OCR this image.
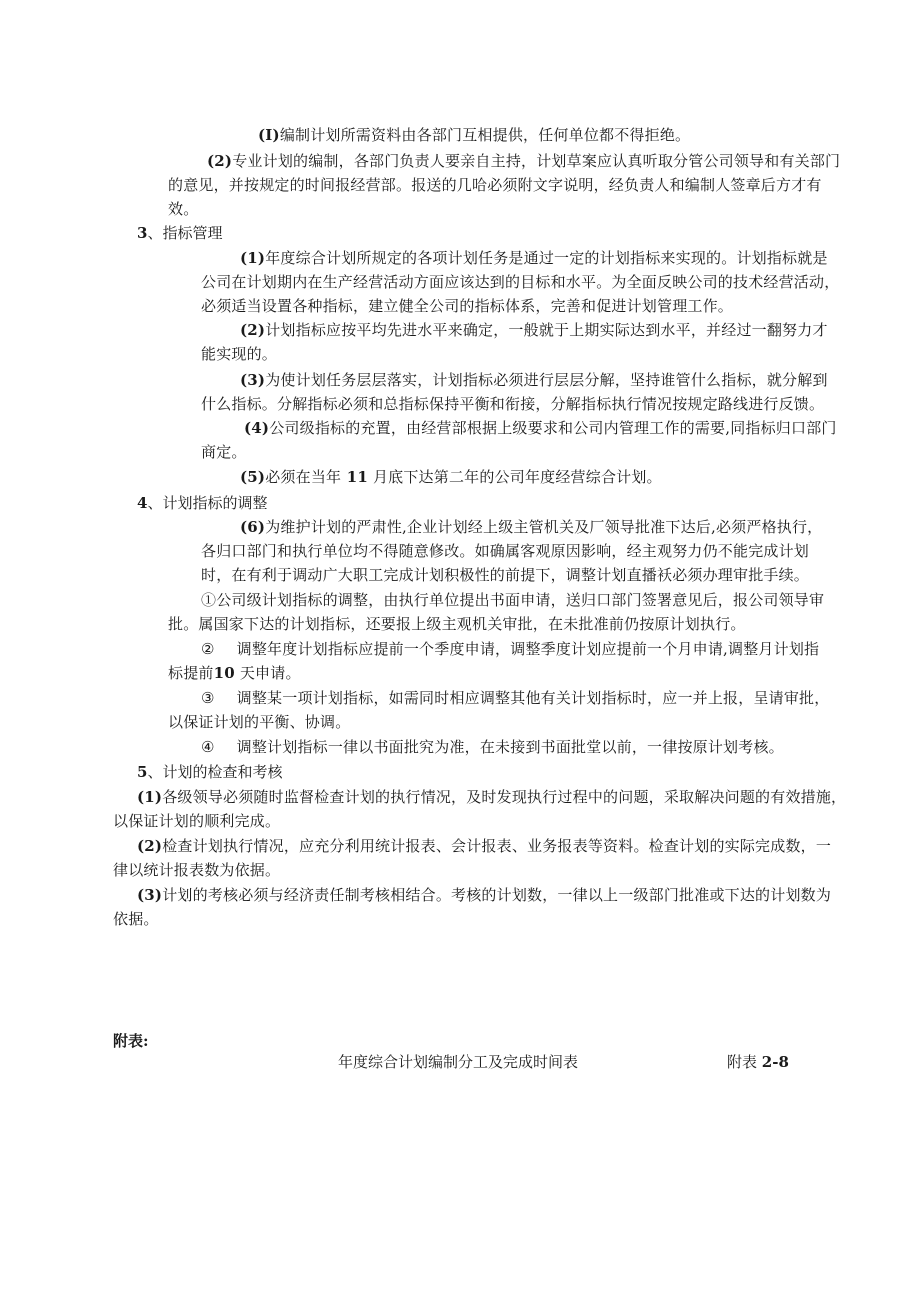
(I)编制计划所需资料由各部门互相提供，任何单位都不得拒绝。

(2)专业计划的编制，各部门负责人要亲自主持，计划草案应认真听取分管公司领导和有关部门

的意见，并按规定的时间报经营部。报送的几哈必须附文字说明，经负责人和编制人签章后方才有
效。

3、指标管理

(1)年度综合计划所规定的各项计划任务是通过一定的计划指标来实现的。计划指标就是

公司在计划期内在生产经营活动方面应该达到的目标和水平。为全面反映公司的技术经营活动，
必须适当设置各种指标，建立健全公司的指标体系，完善和促进计划管理工作。

(2)计划指标应按平均先进水平来确定，一般就于上期实际达到水平，并经过一翻努力才

能实现的。

(3)为使计划任务层层落实，计划指标必须进行层层分解，坚持谁管什么指标，就分解到

什么指标。分解指标必须和总指标保持平衡和衔接，分解指标执行情况按规定路线进行反馈。

(4)公司级指标的充置，由经营部根据上级要求和公司内管理工作的需要,同指标归口部门

商定。

(5)必须在当年 11 月底下达第二年的公司年度经营综合计划。

4、计划指标的调整

(6)为维护计划的严肃性,企业计划经上级主管机关及厂领导批准下达后,必须严格执行，

各归口部门和执行单位均不得随意修改。如确属客观原因影响，经主观努力仍不能完成计划
时，在有利于调动广大职工完成计划积极性的前提下，调整计划直播袄必须办理审批手续。

①公司级计划指标的调整，由执行单位提出书面申请，送归口部门签署意见后，报公司领导审

批。属国家下达的计划指标，还要报上级主观机关审批，在未批准前仍按原计划执行。

② 调整年度计划指标应提前一个季度申请，调整季度计划应提前一个月申请,调整月计划指

标提前10 天申请。

③ 调整某一项计划指标，如需同时相应调整其他有关计划指标时，应一并上报，呈请审批，

以保证计划的平衡、协调。

④ 调整计划指标一律以书面批究为准，在未接到书面批堂以前，一律按原计划考核。

5、计划的检查和考核

(1)各级领导必须随时监督检查计划的执行情况，及时发现执行过程中的问题，采取解决问题的有效措施，

以保证计划的顺利完成。

(2)检查计划执行情况，应充分利用统计报表、会计报表、业务报表等资料。检查计划的实际完成数，一

律以统计报表数为依据。

(3)计划的考核必须与经济责任制考核相结合。考核的计划数，一律以上一级部门批准或下达的计划数为

依据。

附表:
年度综合计划编制分工及完成时间表	附表 2-8
